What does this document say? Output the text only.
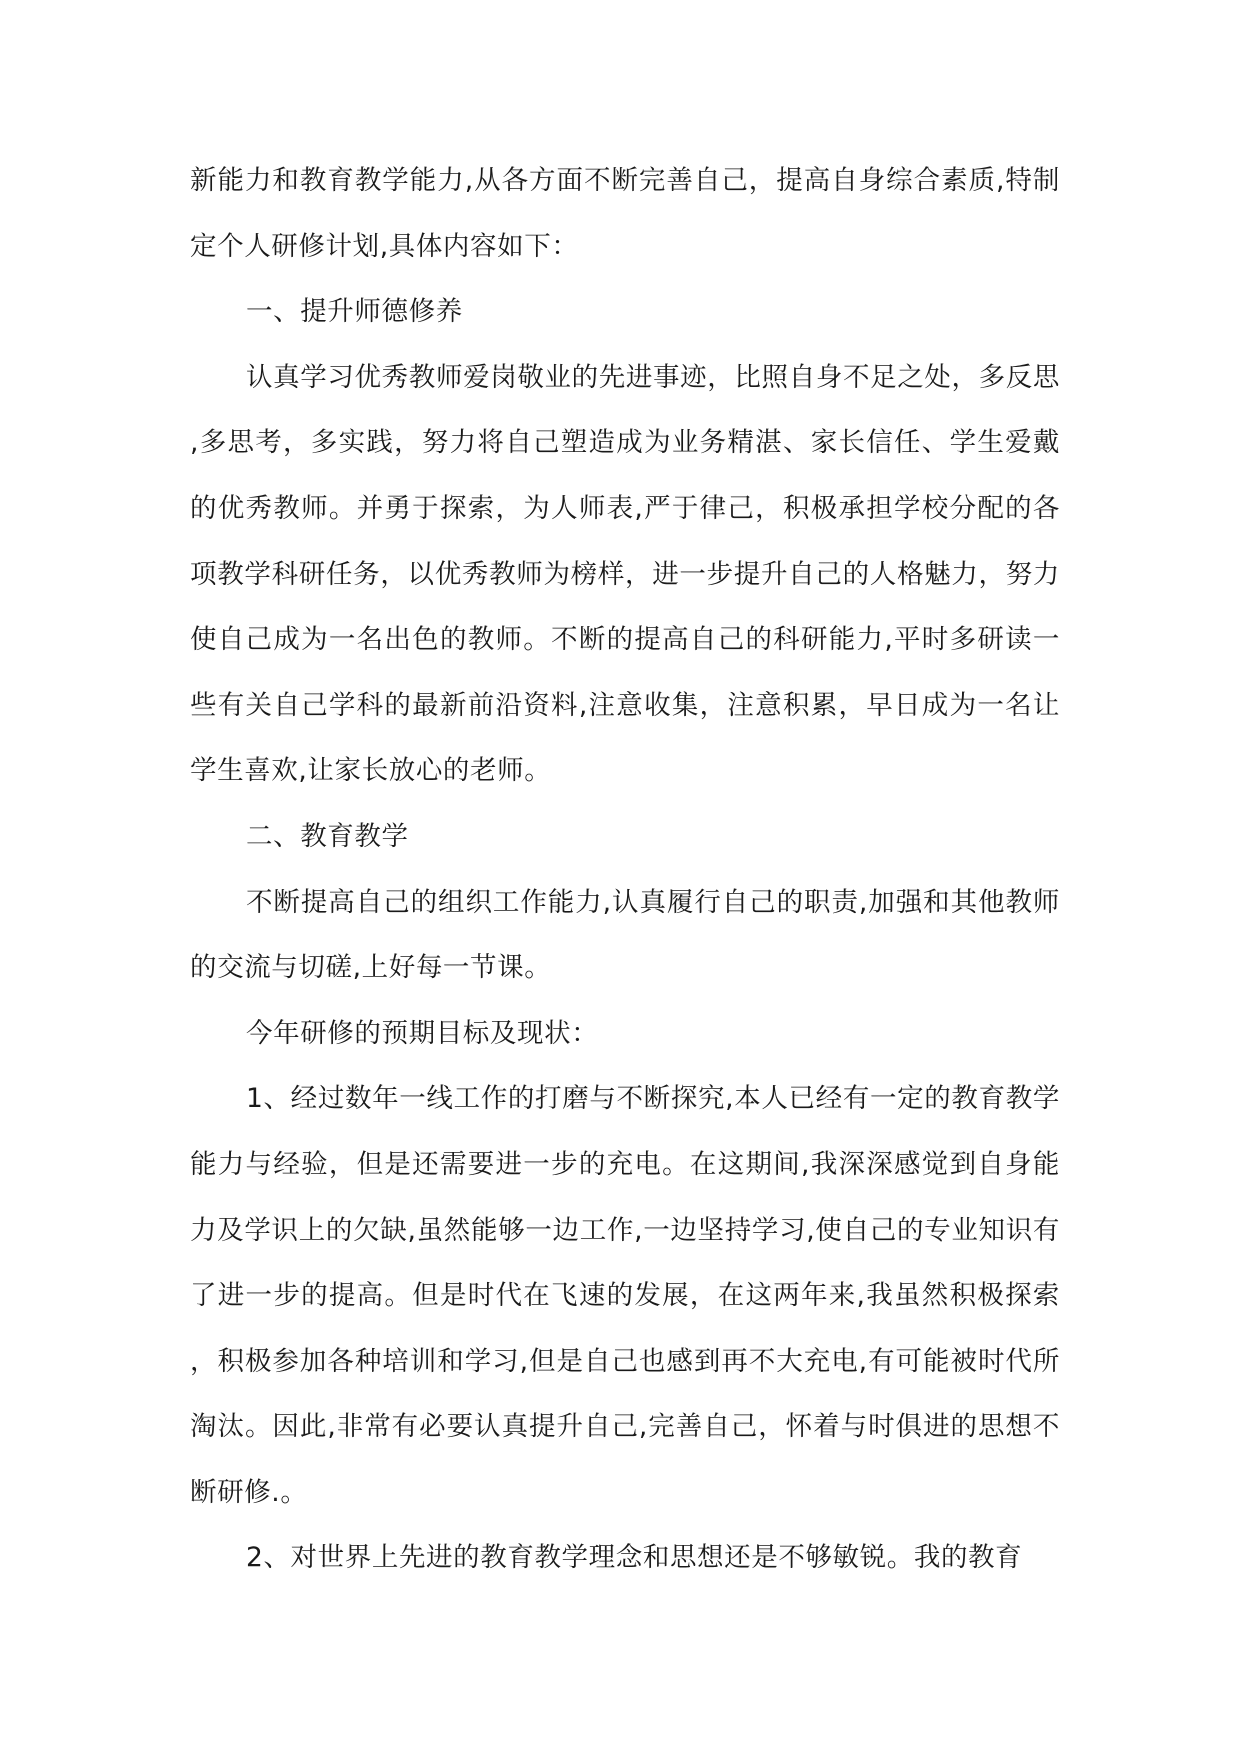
新能力和教育教学能力,从各方面不断完善自己，提高自身综合素质,特制定个人研修计划,具体内容如下：

一、提升师德修养

认真学习优秀教师爱岗敬业的先进事迹，比照自身不足之处，多反思,多思考，多实践，努力将自己塑造成为业务精湛、家长信任、学生爱戴的优秀教师。并勇于探索，为人师表,严于律己，积极承担学校分配的各项教学科研任务，以优秀教师为榜样，进一步提升自己的人格魅力，努力使自己成为一名出色的教师。不断的提高自己的科研能力,平时多研读一些有关自己学科的最新前沿资料,注意收集，注意积累，早日成为一名让学生喜欢,让家长放心的老师。

二、教育教学

不断提高自己的组织工作能力,认真履行自己的职责,加强和其他教师的交流与切磋,上好每一节课。

今年研修的预期目标及现状：

1、经过数年一线工作的打磨与不断探究,本人已经有一定的教育教学能力与经验，但是还需要进一步的充电。在这期间,我深深感觉到自身能力及学识上的欠缺,虽然能够一边工作,一边坚持学习,使自己的专业知识有了进一步的提高。但是时代在飞速的发展，在这两年来,我虽然积极探索，积极参加各种培训和学习,但是自己也感到再不大充电,有可能被时代所淘汰。因此,非常有必要认真提升自己,完善自己，怀着与时俱进的思想不断研修.。

2、对世界上先进的教育教学理念和思想还是不够敏锐。我的教育
